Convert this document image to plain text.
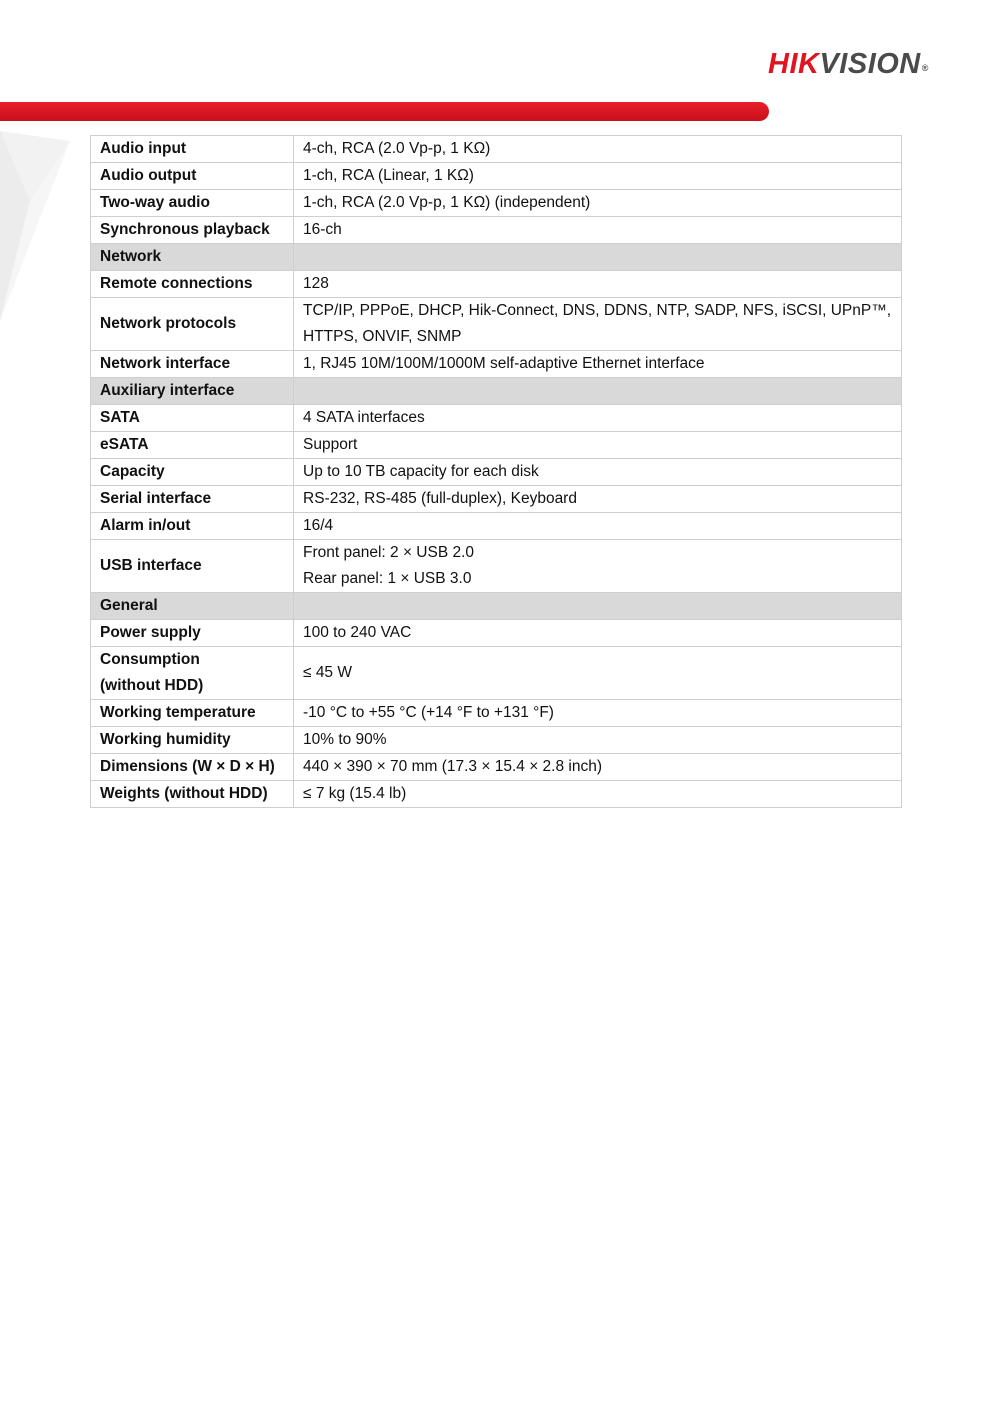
HIKVISION®
Audio input	4-ch, RCA (2.0 Vp-p, 1 KΩ)
Audio output	1-ch, RCA (Linear, 1 KΩ)
Two-way audio	1-ch, RCA (2.0 Vp-p, 1 KΩ) (independent)
Synchronous playback	16-ch
Network	
Remote connections	128
Network protocols	TCP/IP, PPPoE, DHCP, Hik-Connect, DNS, DDNS, NTP, SADP, NFS, iSCSI, UPnP™,
HTTPS, ONVIF, SNMP

Network interface	1, RJ45 10M/100M/1000M self-adaptive Ethernet interface
Auxiliary interface	
SATA	4 SATA interfaces
eSATA	Support
Capacity	Up to 10 TB capacity for each disk
Serial interface	RS-232, RS-485 (full-duplex), Keyboard
Alarm in/out	16/4
USB interface	Front panel: 2 × USB 2.0
Rear panel: 1 × USB 3.0

General	
Power supply	100 to 240 VAC

Consumption
(without HDD)	≤ 45 W
Working temperature	-10 °C to +55 °C (+14 °F to +131 °F)
Working humidity	10% to 90%
Dimensions (W × D × H)	440 × 390 × 70 mm (17.3 × 15.4 × 2.8 inch)
Weights (without HDD)	≤ 7 kg (15.4 lb)
